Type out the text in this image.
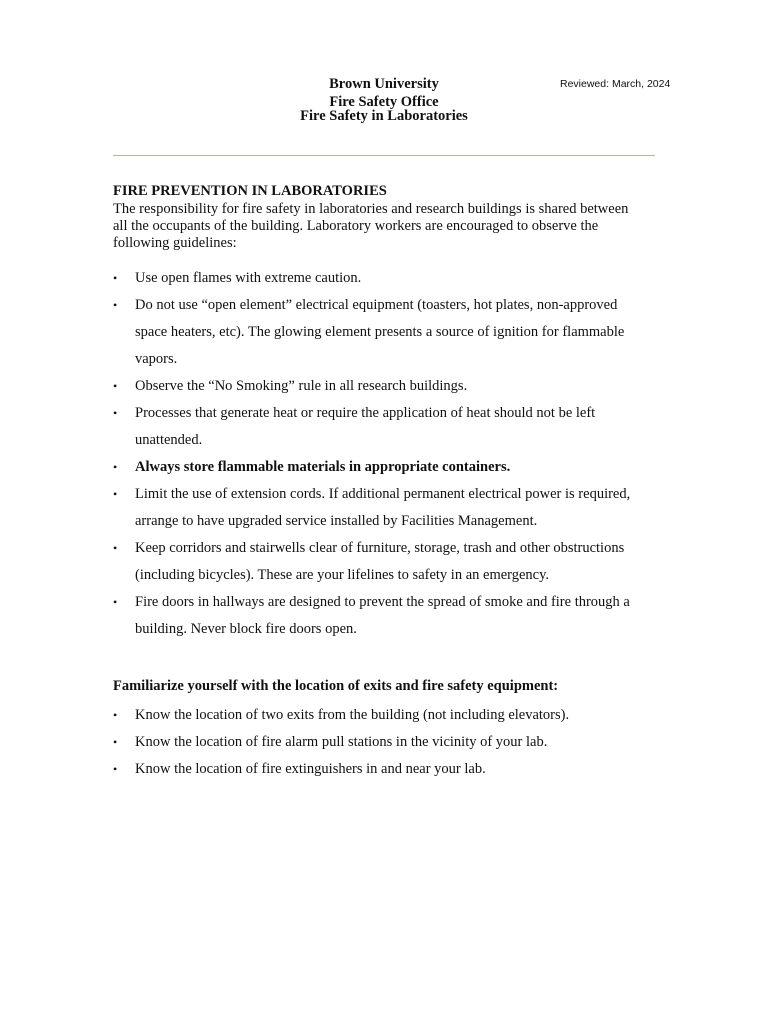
Brown University
Fire Safety Office
Fire Safety in Laboratories
Reviewed: March, 2024
FIRE PREVENTION IN LABORATORIES
The responsibility for fire safety in laboratories and research buildings is shared between
all the occupants of the building. Laboratory workers are encouraged to observe the
following guidelines:
•	Use open flames with extreme caution.
•	Do not use “open element” electrical equipment (toasters, hot plates, non-approved
space heaters, etc). The glowing element presents a source of ignition for flammable
vapors.
•	Observe the “No Smoking” rule in all research buildings.
•	Processes that generate heat or require the application of heat should not be left
unattended.
•	Always store flammable materials in appropriate containers.
•	Limit the use of extension cords. If additional permanent electrical power is required,
arrange to have upgraded service installed by Facilities Management.
•	Keep corridors and stairwells clear of furniture, storage, trash and other obstructions
(including bicycles). These are your lifelines to safety in an emergency.
•	Fire doors in hallways are designed to prevent the spread of smoke and fire through a
building. Never block fire doors open.
Familiarize yourself with the location of exits and fire safety equipment:
•	Know the location of two exits from the building (not including elevators).
•	Know the location of fire alarm pull stations in the vicinity of your lab.
•	Know the location of fire extinguishers in and near your lab.
